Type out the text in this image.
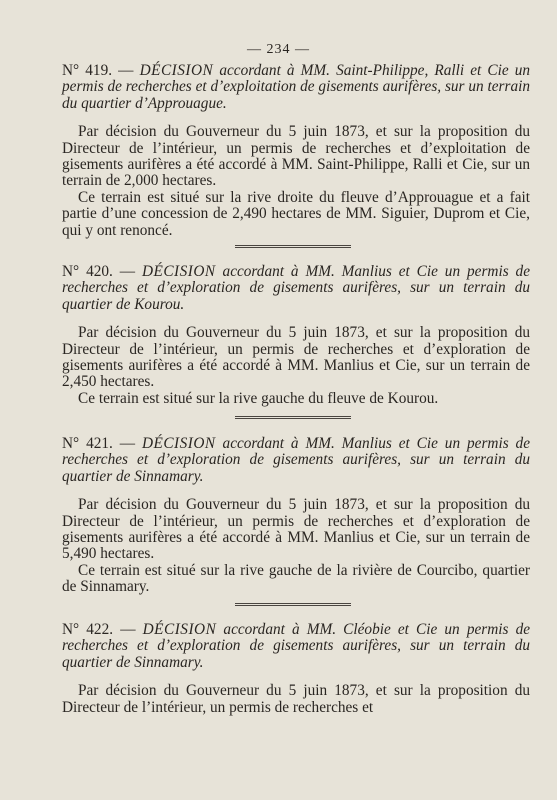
— 234 —
N° 419. — DÉCISION accordant à MM. Saint-Philippe, Ralli et Cie un permis de recherches et d’exploitation de gisements aurifères, sur un terrain du quartier d’Approuague.

Par décision du Gouverneur du 5 juin 1873, et sur la proposition du Directeur de l’intérieur, un permis de recherches et d’exploitation de gisements aurifères a été accordé à MM. Saint-Philippe, Ralli et Cie, sur un terrain de 2,000 hectares.

Ce terrain est situé sur la rive droite du fleuve d’Approuague et a fait partie d’une concession de 2,490 hectares de MM. Siguier, Duprom et Cie, qui y ont renoncé.

N° 420. — DÉCISION accordant à MM. Manlius et Cie un permis de recherches et d’exploration de gisements aurifères, sur un terrain du quartier de Kourou.

Par décision du Gouverneur du 5 juin 1873, et sur la proposition du Directeur de l’intérieur, un permis de recherches et d’exploration de gisements aurifères a été accordé à MM. Manlius et Cie, sur un terrain de 2,450 hectares.

Ce terrain est situé sur la rive gauche du fleuve de Kourou.

N° 421. — DÉCISION accordant à MM. Manlius et Cie un permis de recherches et d’exploration de gisements aurifères, sur un terrain du quartier de Sinnamary.

Par décision du Gouverneur du 5 juin 1873, et sur la proposition du Directeur de l’intérieur, un permis de recherches et d’exploration de gisements aurifères a été accordé à MM. Manlius et Cie, sur un terrain de 5,490 hectares.

Ce terrain est situé sur la rive gauche de la rivière de Courcibo, quartier de Sinnamary.

N° 422. — DÉCISION accordant à MM. Cléobie et Cie un permis de recherches et d’exploration de gisements aurifères, sur un terrain du quartier de Sinnamary.

Par décision du Gouverneur du 5 juin 1873, et sur la proposition du Directeur de l’intérieur, un permis de recherches et
